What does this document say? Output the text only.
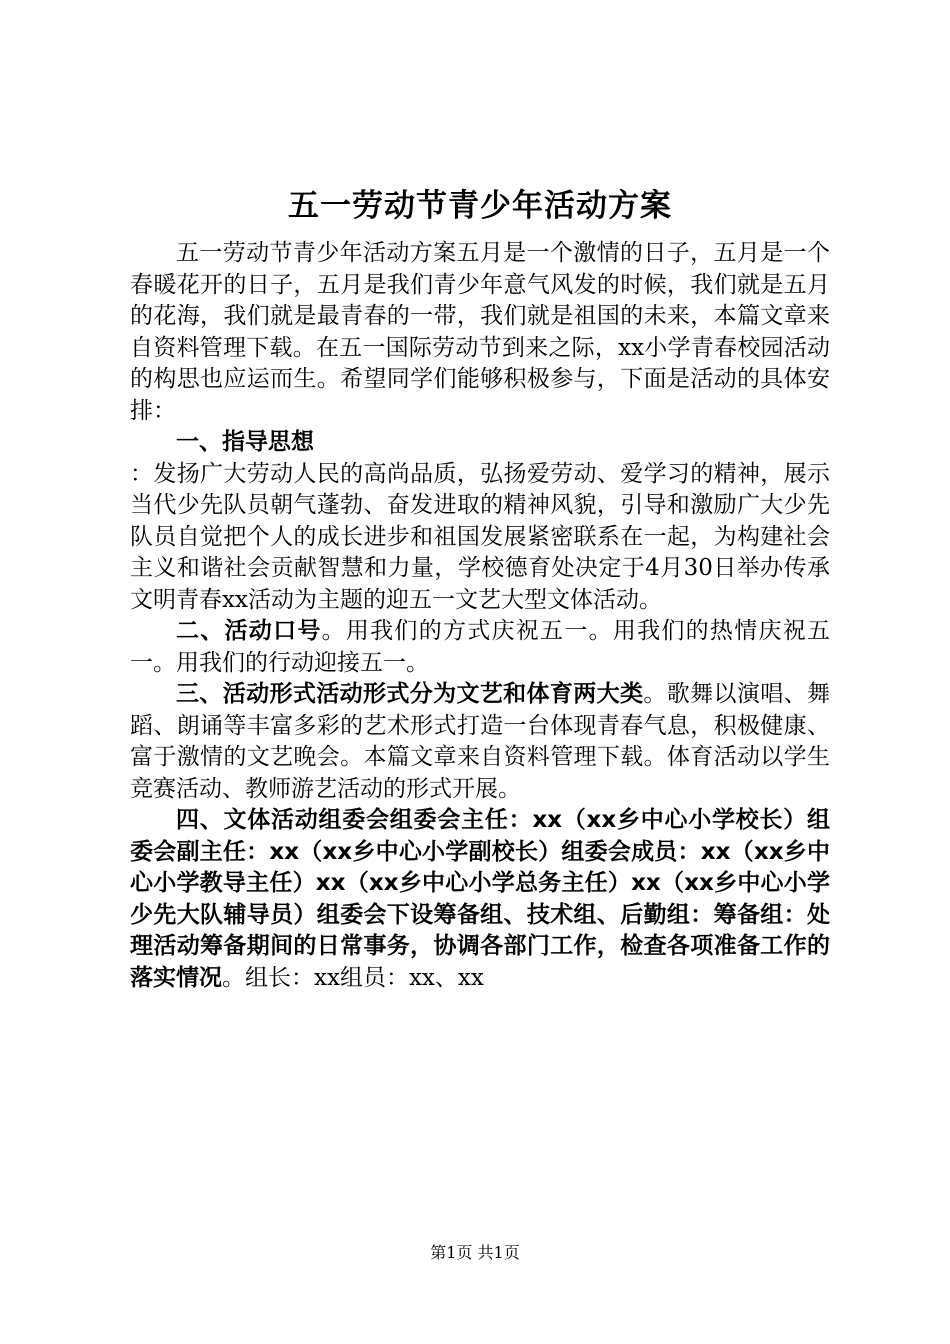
五一劳动节青少年活动方案

五一劳动节青少年活动方案五月是一个激情的日子，五月是一个春暖花开的日子，五月是我们青少年意气风发的时候，我们就是五月的花海，我们就是最青春的一带，我们就是祖国的未来，本篇文章来自资料管理下载。在五一国际劳动节到来之际，xx小学青春校园活动的构思也应运而生。希望同学们能够积极参与，下面是活动的具体安排：

一、指导思想

：发扬广大劳动人民的高尚品质，弘扬爱劳动、爱学习的精神，展示当代少先队员朝气蓬勃、奋发进取的精神风貌，引导和激励广大少先队员自觉把个人的成长进步和祖国发展紧密联系在一起，为构建社会主义和谐社会贡献智慧和力量，学校德育处决定于4月30日举办传承文明青春xx活动为主题的迎五一文艺大型文体活动。

二、活动口号。用我们的方式庆祝五一。用我们的热情庆祝五一。用我们的行动迎接五一。

三、活动形式活动形式分为文艺和体育两大类。歌舞以演唱、舞蹈、朗诵等丰富多彩的艺术形式打造一台体现青春气息，积极健康、富于激情的文艺晚会。本篇文章来自资料管理下载。体育活动以学生竞赛活动、教师游艺活动的形式开展。

四、文体活动组委会组委会主任：xx（xx乡中心小学校长）组委会副主任：xx（xx乡中心小学副校长）组委会成员：xx（xx乡中心小学教导主任）xx（xx乡中心小学总务主任）xx（xx乡中心小学少先大队辅导员）组委会下设筹备组、技术组、后勤组：筹备组：处理活动筹备期间的日常事务，协调各部门工作，检查各项准备工作的落实情况。组长：xx组员：xx、xx

第1页 共1页
